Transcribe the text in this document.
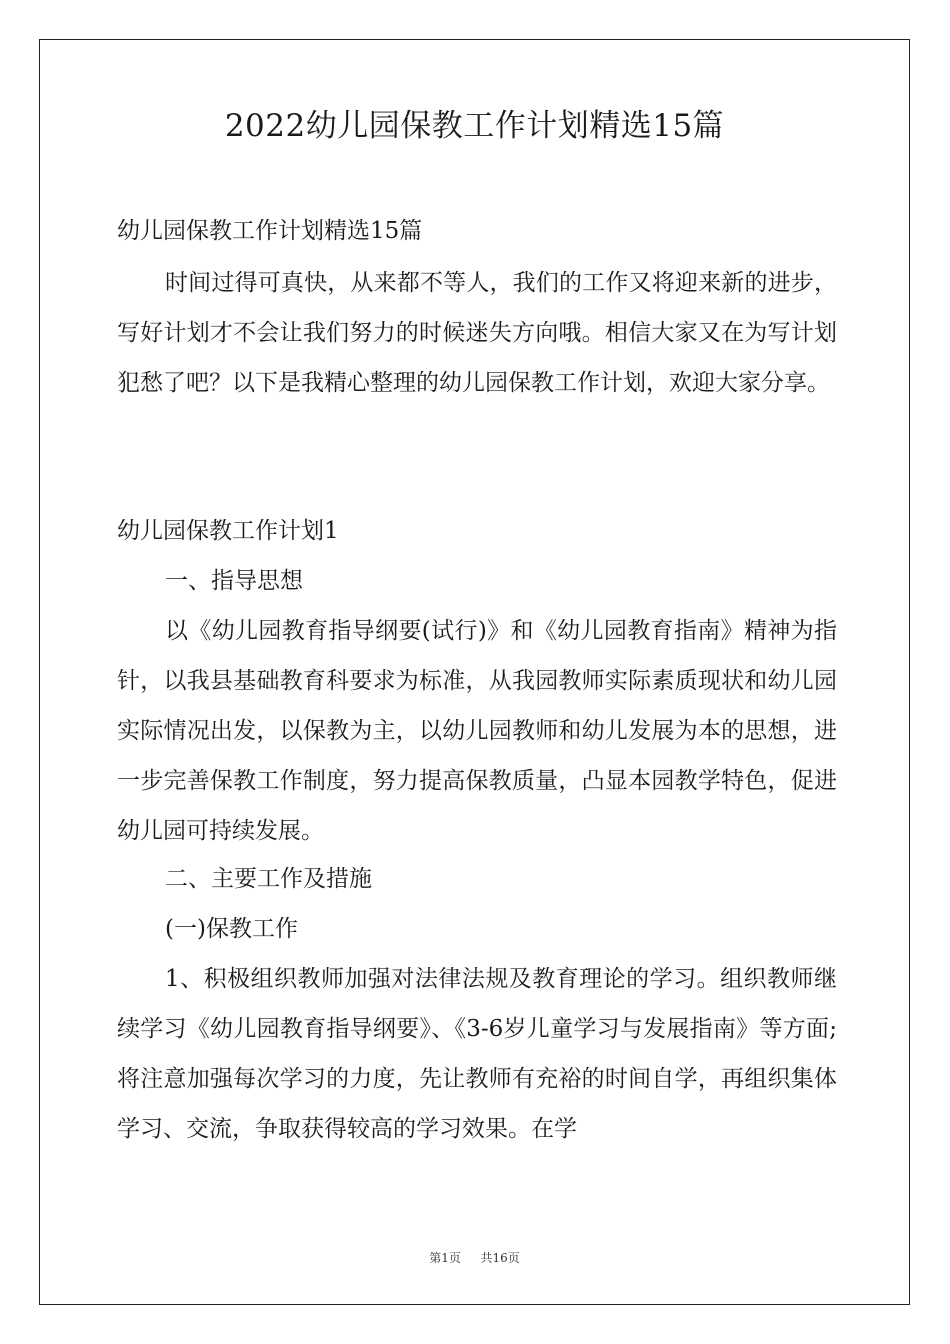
2022幼儿园保教工作计划精选15篇

幼儿园保教工作计划精选15篇

时间过得可真快，从来都不等人，我们的工作又将迎来新的进步，写好计划才不会让我们努力的时候迷失方向哦。相信大家又在为写计划犯愁了吧？以下是我精心整理的幼儿园保教工作计划，欢迎大家分享。

幼儿园保教工作计划1

一、指导思想

以《幼儿园教育指导纲要(试行)》和《幼儿园教育指南》精神为指针，以我县基础教育科要求为标准，从我园教师实际素质现状和幼儿园实际情况出发，以保教为主，以幼儿园教师和幼儿发展为本的思想，进一步完善保教工作制度，努力提高保教质量，凸显本园教学特色，促进幼儿园可持续发展。

二、主要工作及措施

(一)保教工作

1、积极组织教师加强对法律法规及教育理论的学习。组织教师继续学习《幼儿园教育指导纲要》、《3-6岁儿童学习与发展指南》等方面;将注意加强每次学习的力度，先让教师有充裕的时间自学，再组织集体学习、交流，争取获得较高的学习效果。在学

第1页 共16页
